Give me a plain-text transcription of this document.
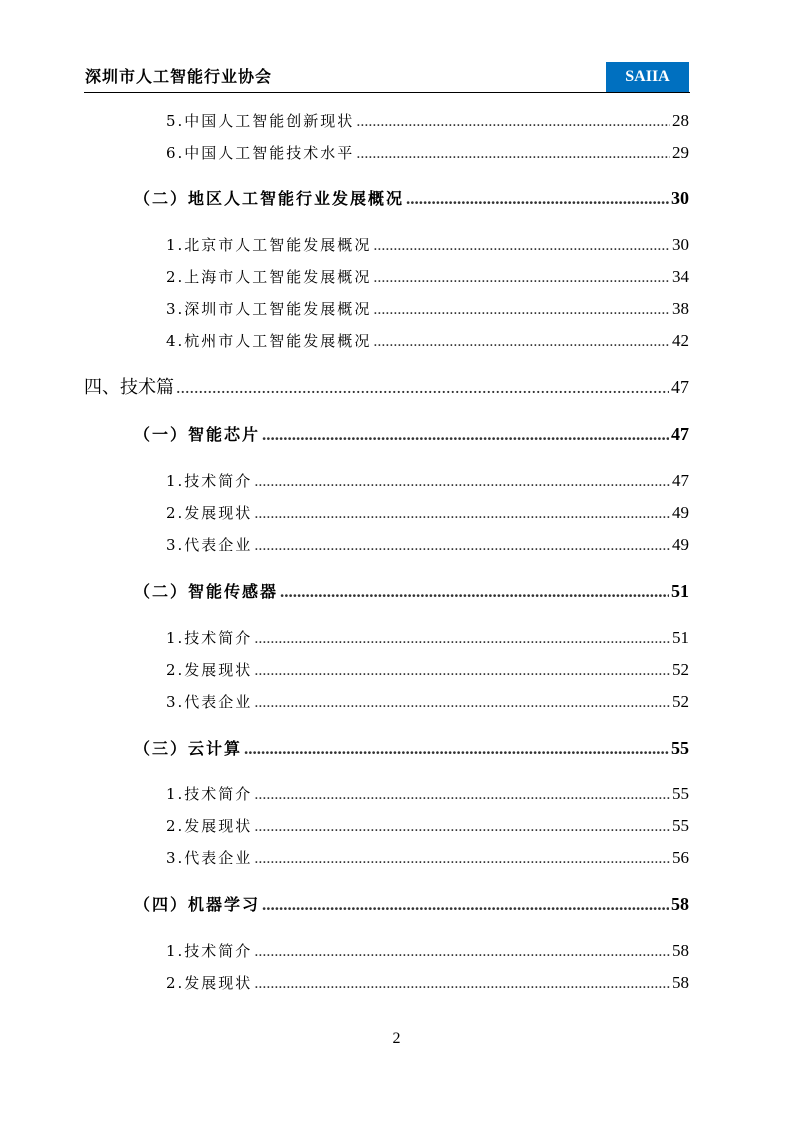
深圳市人工智能行业协会	SAIIA
5.中国人工智能创新现状 .....	28
6.中国人工智能技术水平 .....	29
（二）地区人工智能行业发展概况 .....	30
1.北京市人工智能发展概况 .....	30
2.上海市人工智能发展概况 .....	34
3.深圳市人工智能发展概况 .....	38
4.杭州市人工智能发展概况 .....	42
四、技术篇 .....	47
（一）智能芯片 .....	47
1.技术简介 .....	47
2.发展现状 .....	49
3.代表企业 .....	49
（二）智能传感器 .....	51
1.技术简介 .....	51
2.发展现状 .....	52
3.代表企业 .....	52
（三）云计算 .....	55
1.技术简介 .....	55
2.发展现状 .....	55
3.代表企业 .....	56
（四）机器学习 .....	58
1.技术简介 .....	58
2.发展现状 .....	58
2
